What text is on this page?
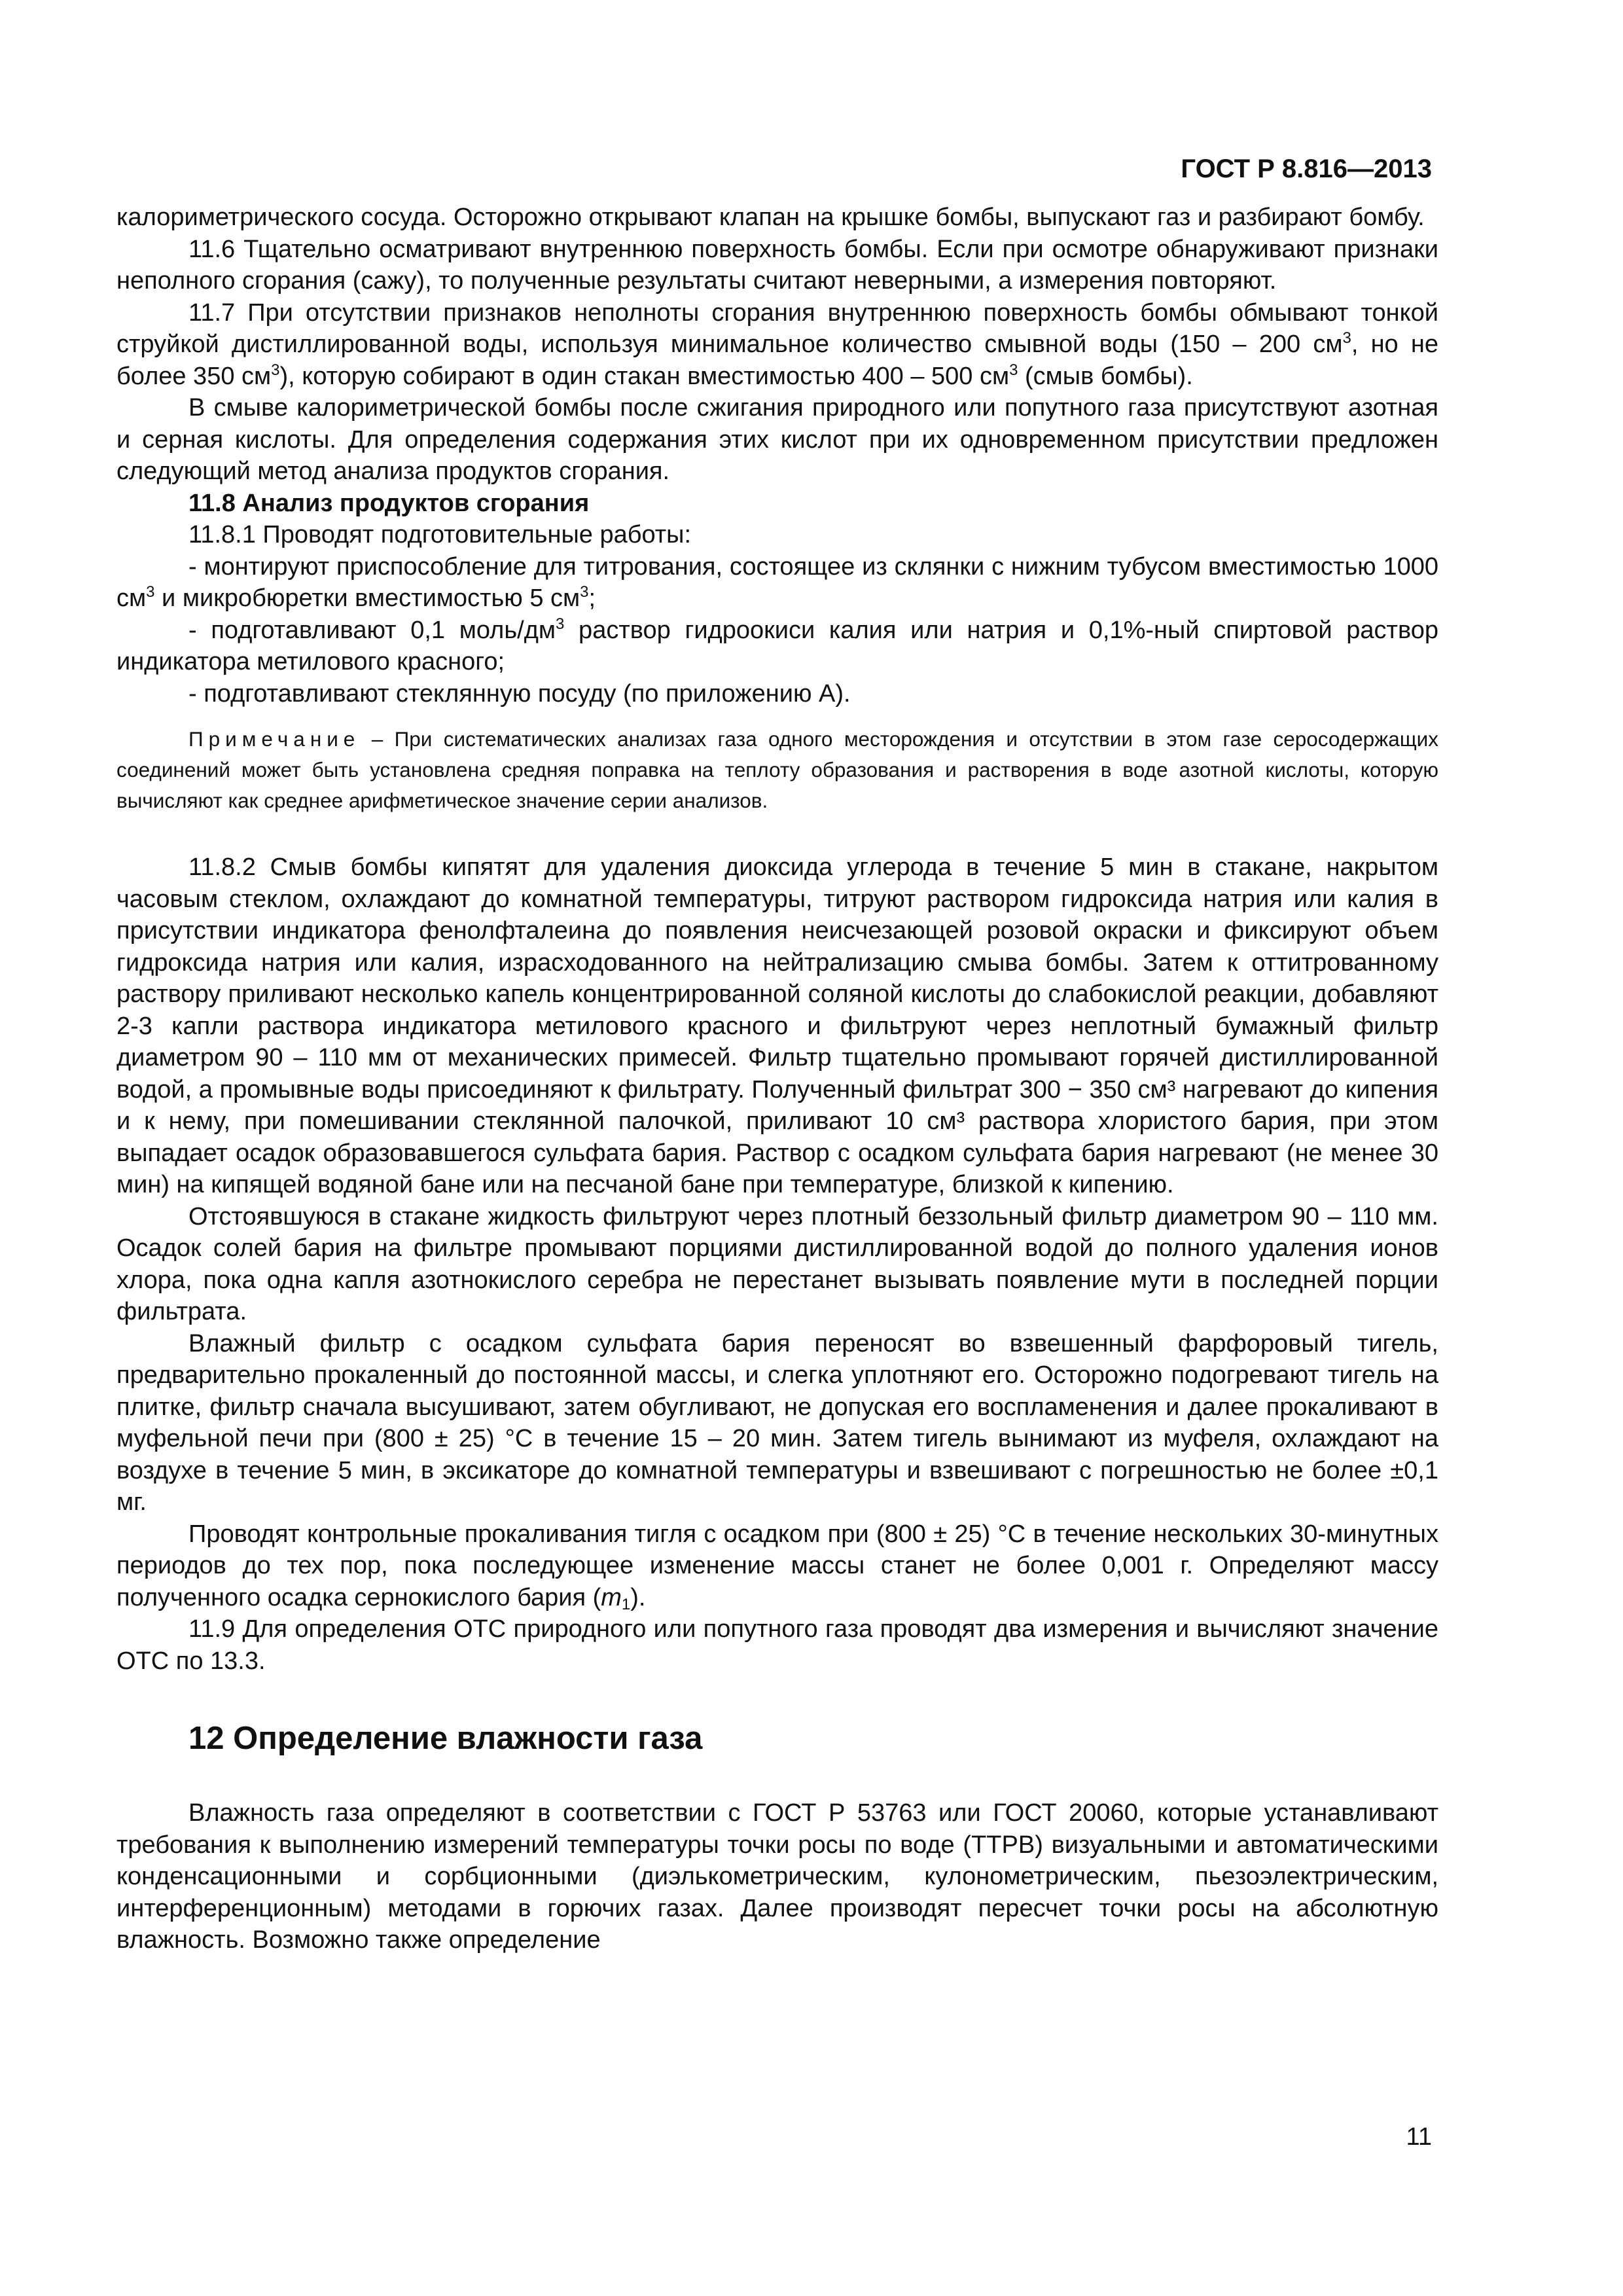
ГОСТ Р 8.816—2013

калориметрического сосуда. Осторожно открывают клапан на крышке бомбы, выпускают газ и разбирают бомбу.

11.6 Тщательно осматривают внутреннюю поверхность бомбы. Если при осмотре обнаруживают признаки неполного сгорания (сажу), то полученные результаты считают неверными, а измерения повторяют.

11.7 При отсутствии признаков неполноты сгорания внутреннюю поверхность бомбы обмывают тонкой струйкой дистиллированной воды, используя минимальное количество смывной воды (150 – 200 $см^3$, но не более 350 $см^3$), которую собирают в один стакан вместимостью 400 – 500 $см^3$ (смыв бомбы).

В смыве калориметрической бомбы после сжигания природного или попутного газа присутствуют азотная и серная кислоты. Для определения содержания этих кислот при их одновременном присутствии предложен следующий метод анализа продуктов сгорания.

11.8 Анализ продуктов сгорания

11.8.1 Проводят подготовительные работы:

- монтируют приспособление для титрования, состоящее из склянки с нижним тубусом вместимостью 1000 $см^3$ и микробюретки вместимостью 5 $см^3$;

- подготавливают 0,1 моль/$дм^3$ раствор гидроокиси калия или натрия и 0,1%-ный спиртовой раствор индикатора метилового красного;

- подготавливают стеклянную посуду (по приложению А).

Примечание – При систематических анализах газа одного месторождения и отсутствии в этом газе серосодержащих соединений может быть установлена средняя поправка на теплоту образования и растворения в воде азотной кислоты, которую вычисляют как среднее арифметическое значение серии анализов.

11.8.2 Смыв бомбы кипятят для удаления диоксида углерода в течение 5 мин в стакане, накрытом часовым стеклом, охлаждают до комнатной температуры, титруют раствором гидроксида натрия или калия в присутствии индикатора фенолфталеина до появления неисчезающей розовой окраски и фиксируют объем гидроксида натрия или калия, израсходованного на нейтрализацию смыва бомбы. Затем к оттитрованному раствору приливают несколько капель концентрированной соляной кислоты до слабокислой реакции, добавляют 2-3 капли раствора индикатора метилового красного и фильтруют через неплотный бумажный фильтр диаметром 90 – 110 мм от механических примесей. Фильтр тщательно промывают горячей дистиллированной водой, а промывные воды присоединяют к фильтрату. Полученный фильтрат 300 − 350 см³ нагревают до кипения и к нему, при помешивании стеклянной палочкой, приливают 10 см³ раствора хлористого бария, при этом выпадает осадок образовавшегося сульфата бария. Раствор с осадком сульфата бария нагревают (не менее 30 мин) на кипящей водяной бане или на песчаной бане при температуре, близкой к кипению.

Отстоявшуюся в стакане жидкость фильтруют через плотный беззольный фильтр диаметром 90 – 110 мм. Осадок солей бария на фильтре промывают порциями дистиллированной водой до полного удаления ионов хлора, пока одна капля азотнокислого серебра не перестанет вызывать появление мути в последней порции фильтрата.

Влажный фильтр с осадком сульфата бария переносят во взвешенный фарфоровый тигель, предварительно прокаленный до постоянной массы, и слегка уплотняют его. Осторожно подогревают тигель на плитке, фильтр сначала высушивают, затем обугливают, не допуская его воспламенения и далее прокаливают в муфельной печи при (800 ± 25) °С в течение 15 – 20 мин. Затем тигель вынимают из муфеля, охлаждают на воздухе в течение 5 мин, в эксикаторе до комнатной температуры и взвешивают с погрешностью не более ±0,1 мг.

Проводят контрольные прокаливания тигля с осадком при (800 ± 25) °С в течение нескольких 30-минутных периодов до тех пор, пока последующее изменение массы станет не более 0,001 г. Определяют массу полученного осадка сернокислого бария $(m_1)$.

11.9 Для определения ОТС природного или попутного газа проводят два измерения и вычисляют значение ОТС по 13.3.

12 Определение влажности газа

Влажность газа определяют в соответствии с ГОСТ Р 53763 или ГОСТ 20060, которые устанавливают требования к выполнению измерений температуры точки росы по воде (ТТРВ) визуальными и автоматическими конденсационными и сорбционными (диэлькометрическим, кулонометрическим, пьезоэлектрическим, интерференционным) методами в горючих газах. Далее производят пересчет точки росы на абсолютную влажность. Возможно также определение

11
